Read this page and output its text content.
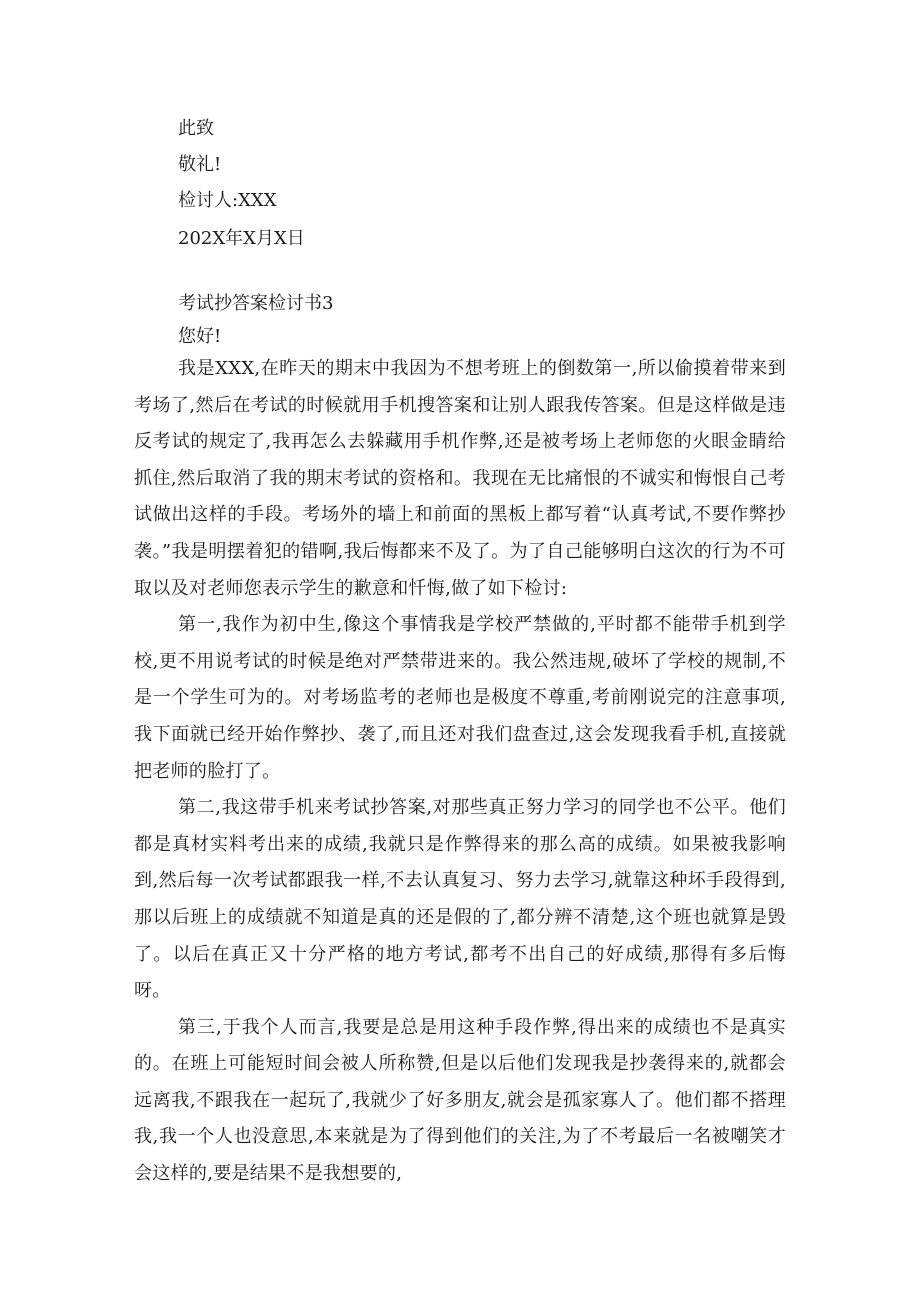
此致
敬礼!
检讨人:XXX
202X年X月X日
考试抄答案检讨书3
您好!

我是XXX,在昨天的期末中我因为不想考班上的倒数第一,所以偷摸着带来到考场了,然后在考试的时候就用手机搜答案和让别人跟我传答案。但是这样做是违反考试的规定了,我再怎么去躲藏用手机作弊,还是被考场上老师您的火眼金睛给抓住,然后取消了我的期末考试的资格和。我现在无比痛恨的不诚实和悔恨自己考试做出这样的手段。考场外的墙上和前面的黑板上都写着“认真考试,不要作弊抄袭。”我是明摆着犯的错啊,我后悔都来不及了。为了自己能够明白这次的行为不可取以及对老师您表示学生的歉意和忏悔,做了如下检讨:

第一,我作为初中生,像这个事情我是学校严禁做的,平时都不能带手机到学校,更不用说考试的时候是绝对严禁带进来的。我公然违规,破坏了学校的规制,不是一个学生可为的。对考场监考的老师也是极度不尊重,考前刚说完的注意事项,我下面就已经开始作弊抄、袭了,而且还对我们盘查过,这会发现我看手机,直接就把老师的脸打了。

第二,我这带手机来考试抄答案,对那些真正努力学习的同学也不公平。他们都是真材实料考出来的成绩,我就只是作弊得来的那么高的成绩。如果被我影响到,然后每一次考试都跟我一样,不去认真复习、努力去学习,就靠这种坏手段得到,那以后班上的成绩就不知道是真的还是假的了,都分辨不清楚,这个班也就算是毁了。以后在真正又十分严格的地方考试,都考不出自己的好成绩,那得有多后悔呀。

第三,于我个人而言,我要是总是用这种手段作弊,得出来的成绩也不是真实的。在班上可能短时间会被人所称赞,但是以后他们发现我是抄袭得来的,就都会远离我,不跟我在一起玩了,我就少了好多朋友,就会是孤家寡人了。他们都不搭理我,我一个人也没意思,本来就是为了得到他们的关注,为了不考最后一名被嘲笑才会这样的,要是结果不是我想要的,
